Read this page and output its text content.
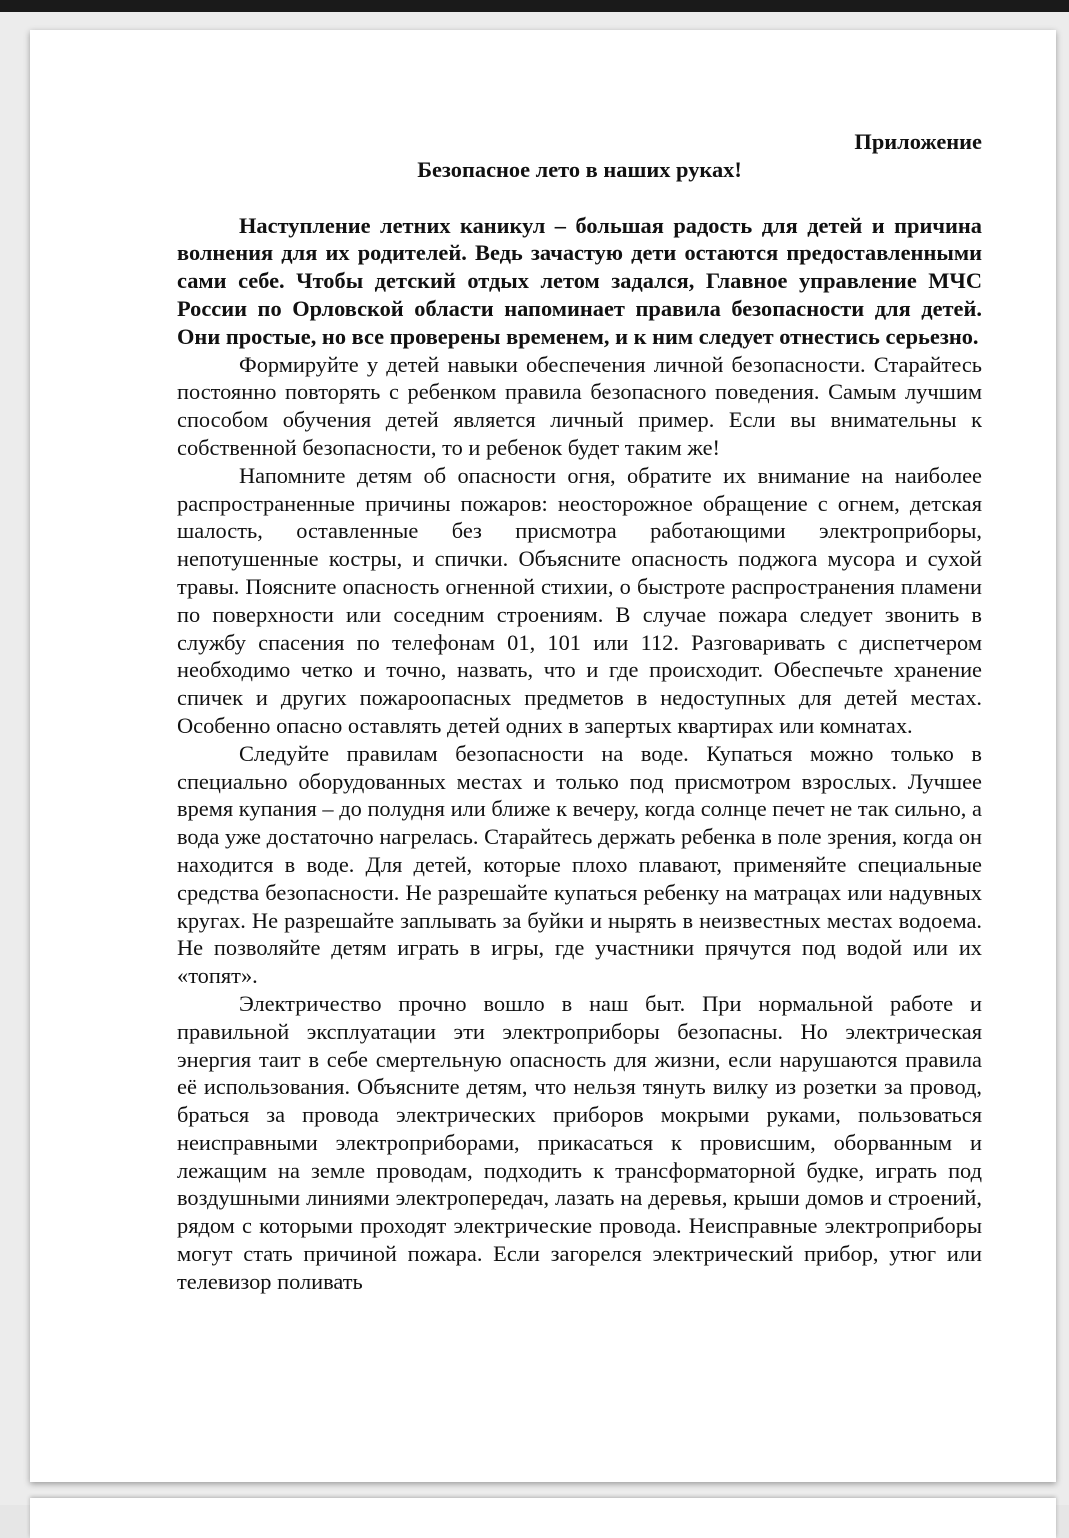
Приложение

Безопасное лето в наших руках!

Наступление летних каникул – большая радость для детей и причина волнения для их родителей. Ведь зачастую дети остаются предоставленными сами себе. Чтобы детский отдых летом задался, Главное управление МЧС России по Орловской области напоминает правила безопасности для детей. Они простые, но все проверены временем, и к ним следует отнестись серьезно.

Формируйте у детей навыки обеспечения личной безопасности. Старайтесь постоянно повторять с ребенком правила безопасного поведения. Самым лучшим способом обучения детей является личный пример. Если вы внимательны к собственной безопасности, то и ребенок будет таким же!

Напомните детям об опасности огня, обратите их внимание на наиболее распространенные причины пожаров: неосторожное обращение с огнем, детская шалость, оставленные без присмотра работающими электроприборы, непотушенные костры, и спички. Объясните опасность поджога мусора и сухой травы. Поясните опасность огненной стихии, о быстроте распространения пламени по поверхности или соседним строениям. В случае пожара следует звонить в службу спасения по телефонам 01, 101 или 112. Разговаривать с диспетчером необходимо четко и точно, назвать, что и где происходит. Обеспечьте хранение спичек и других пожароопасных предметов в недоступных для детей местах. Особенно опасно оставлять детей одних в запертых квартирах или комнатах.

Следуйте правилам безопасности на воде. Купаться можно только в специально оборудованных местах и только под присмотром взрослых. Лучшее время купания – до полудня или ближе к вечеру, когда солнце печет не так сильно, а вода уже достаточно нагрелась. Старайтесь держать ребенка в поле зрения, когда он находится в воде. Для детей, которые плохо плавают, применяйте специальные средства безопасности. Не разрешайте купаться ребенку на матрацах или надувных кругах. Не разрешайте заплывать за буйки и нырять в неизвестных местах водоема. Не позволяйте детям играть в игры, где участники прячутся под водой или их «топят».

Электричество прочно вошло в наш быт. При нормальной работе и правильной эксплуатации эти электроприборы безопасны. Но электрическая энергия таит в себе смертельную опасность для жизни, если нарушаются правила её использования. Объясните детям, что нельзя тянуть вилку из розетки за провод, браться за провода электрических приборов мокрыми руками, пользоваться неисправными электроприборами, прикасаться к провисшим, оборванным и лежащим на земле проводам, подходить к трансформаторной будке, играть под воздушными линиями электропередач, лазать на деревья, крыши домов и строений, рядом с которыми проходят электрические провода. Неисправные электроприборы могут стать причиной пожара. Если загорелся электрический прибор, утюг или телевизор поливать
